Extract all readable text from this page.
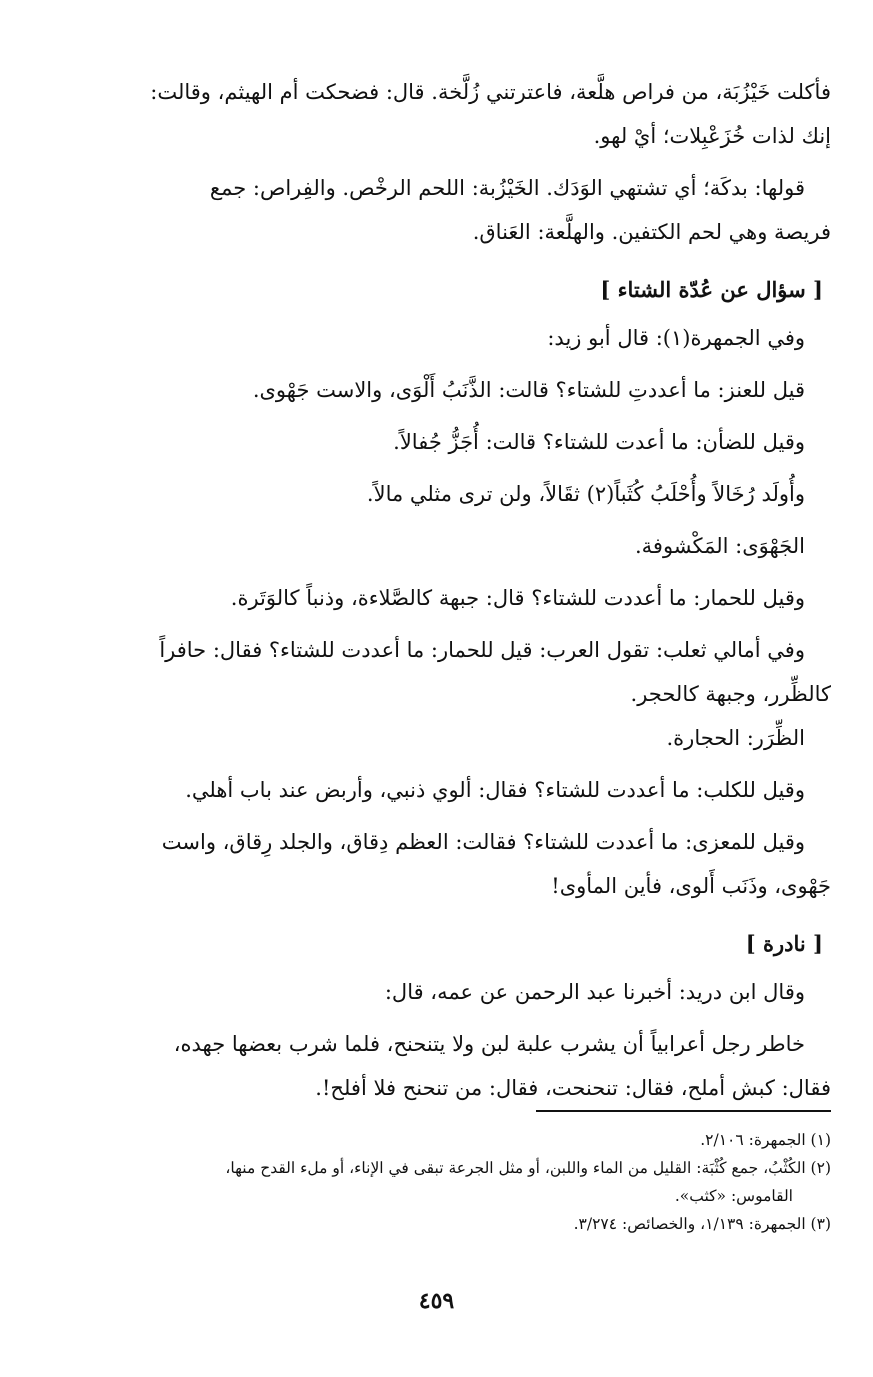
فأكلت خَيْزُبَة، من فراص هلَّعة، فاعترتني زُلَّخة. قال: فضحكت أم الهيثم، وقالت:

إنك لذات خُزَعْبِلات؛ أيْ لهو.

قولها: بدكَة؛ أي تشتهي الوَدَك. الخَيْزُبة: اللحم الرخْص. والفِراص: جمع

فريصة وهي لحم الكتفين. والهلَّعة: العَناق.

[ سؤال عن عُدّة الشتاء ]

وفي الجمهرة(١): قال أبو زيد:

قيل للعنز: ما أعددتِ للشتاء؟ قالت: الذَّنَبُ أَلْوَى، والاست جَهْوى.

وقيل للضأن: ما أعدت للشتاء؟ قالت: أُجَزُّ جُفالاً.

وأُولَد رُخَالاً وأُحْلَبُ كُثَباً(٢) ثقَالاً، ولن ترى مثلي مالاً.

الجَهْوَى: المَكْشوفة.

وقيل للحمار: ما أعددت للشتاء؟ قال: جبهة كالصَّلاءة، وذنباً كالوَتَرة.

وفي أمالي ثعلب: تقول العرب: قيل للحمار: ما أعددت للشتاء؟ فقال: حافراً

كالظِّرر، وجبهة كالحجر.

الظِّرَر: الحجارة.

وقيل للكلب: ما أعددت للشتاء؟ فقال: ألوي ذنبي، وأربض عند باب أهلي.

وقيل للمعزى: ما أعددت للشتاء؟ فقالت: العظم دِقاق، والجلد رِقاق، واست

جَهْوى، وذَنَب أَلوى، فأين المأوى!

[ نادرة ]

وقال ابن دريد: أخبرنا عبد الرحمن عن عمه، قال:

خاطر رجل أعرابياً أن يشرب علبة لبن ولا يتنحنح، فلما شرب بعضها جهده،

فقال: كبش أملح، فقال: تنحنحت، فقال: من تنحنح فلا أفلح!.

(١) الجمهرة: ٢/١٠٦.

(٢) الكُثْبُ، جمع كُثْبَة: القليل من الماء واللبن، أو مثل الجرعة تبقى في الإناء، أو ملء القدح منها،

القاموس: «كثب».

(٣) الجمهرة: ١/١٣٩، والخصائص: ٣/٢٧٤.

٤٥٩
